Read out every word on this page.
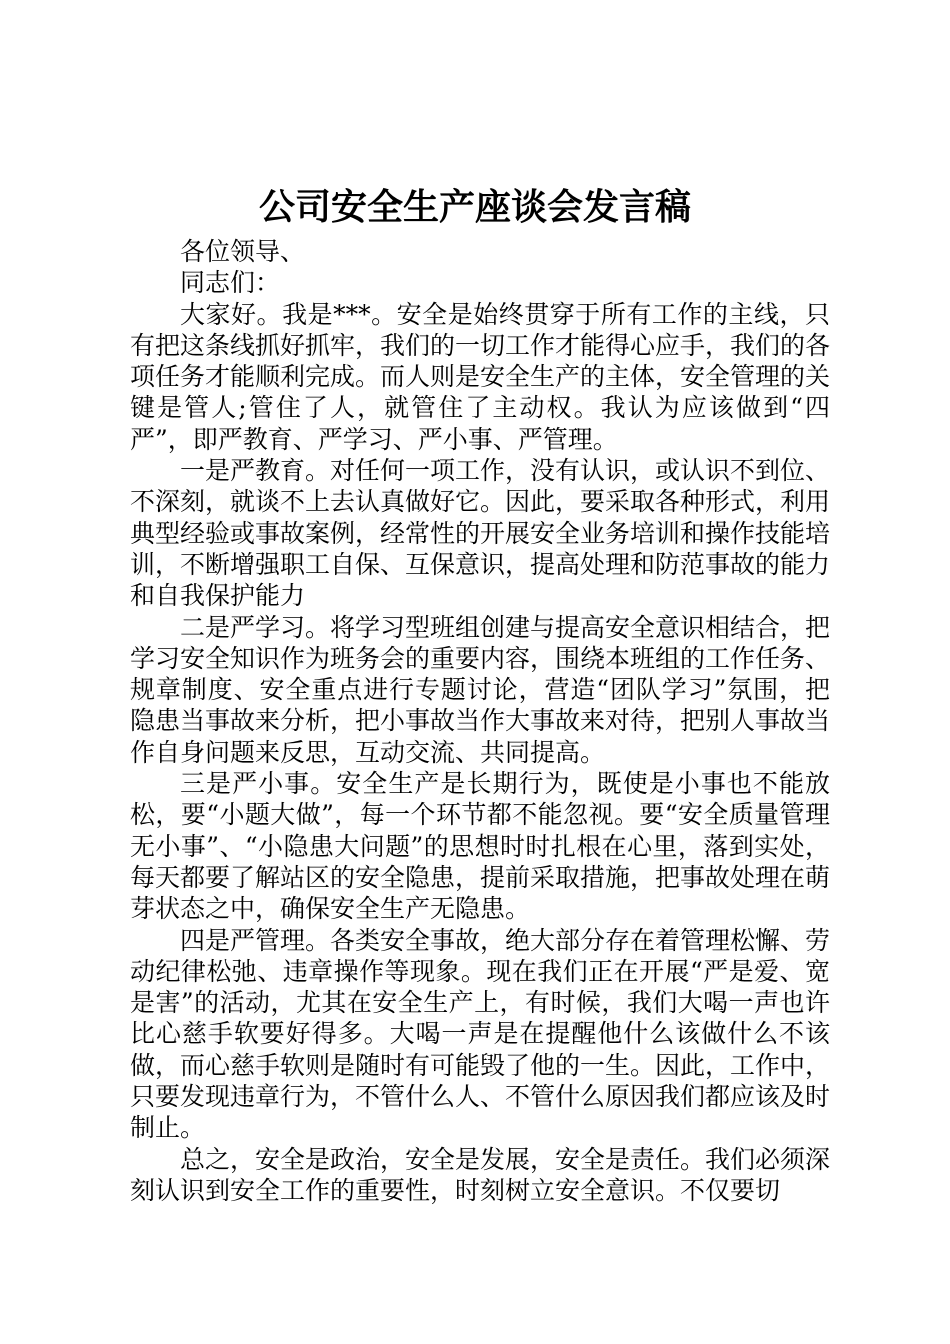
公司安全生产座谈会发言稿

各位领导、

同志们：

大家好。我是***。安全是始终贯穿于所有工作的主线，只有把这条线抓好抓牢，我们的一切工作才能得心应手，我们的各项任务才能顺利完成。而人则是安全生产的主体，安全管理的关键是管人;管住了人，就管住了主动权。我认为应该做到“四严”，即严教育、严学习、严小事、严管理。

一是严教育。对任何一项工作，没有认识，或认识不到位、不深刻，就谈不上去认真做好它。因此，要采取各种形式，利用典型经验或事故案例，经常性的开展安全业务培训和操作技能培训，不断增强职工自保、互保意识，提高处理和防范事故的能力和自我保护能力

二是严学习。将学习型班组创建与提高安全意识相结合，把学习安全知识作为班务会的重要内容，围绕本班组的工作任务、规章制度、安全重点进行专题讨论，营造“团队学习”氛围，把隐患当事故来分析，把小事故当作大事故来对待，把别人事故当作自身问题来反思，互动交流、共同提高。

三是严小事。安全生产是长期行为，既使是小事也不能放松，要“小题大做”，每一个环节都不能忽视。要“安全质量管理无小事”、“小隐患大问题”的思想时时扎根在心里，落到实处，每天都要了解站区的安全隐患，提前采取措施，把事故处理在萌芽状态之中，确保安全生产无隐患。

四是严管理。各类安全事故，绝大部分存在着管理松懈、劳动纪律松弛、违章操作等现象。现在我们正在开展“严是爱、宽是害”的活动，尤其在安全生产上，有时候，我们大喝一声也许比心慈手软要好得多。大喝一声是在提醒他什么该做什么不该做，而心慈手软则是随时有可能毁了他的一生。因此，工作中，只要发现违章行为，不管什么人、不管什么原因我们都应该及时制止。

总之，安全是政治，安全是发展，安全是责任。我们必须深刻认识到安全工作的重要性，时刻树立安全意识。不仅要切
